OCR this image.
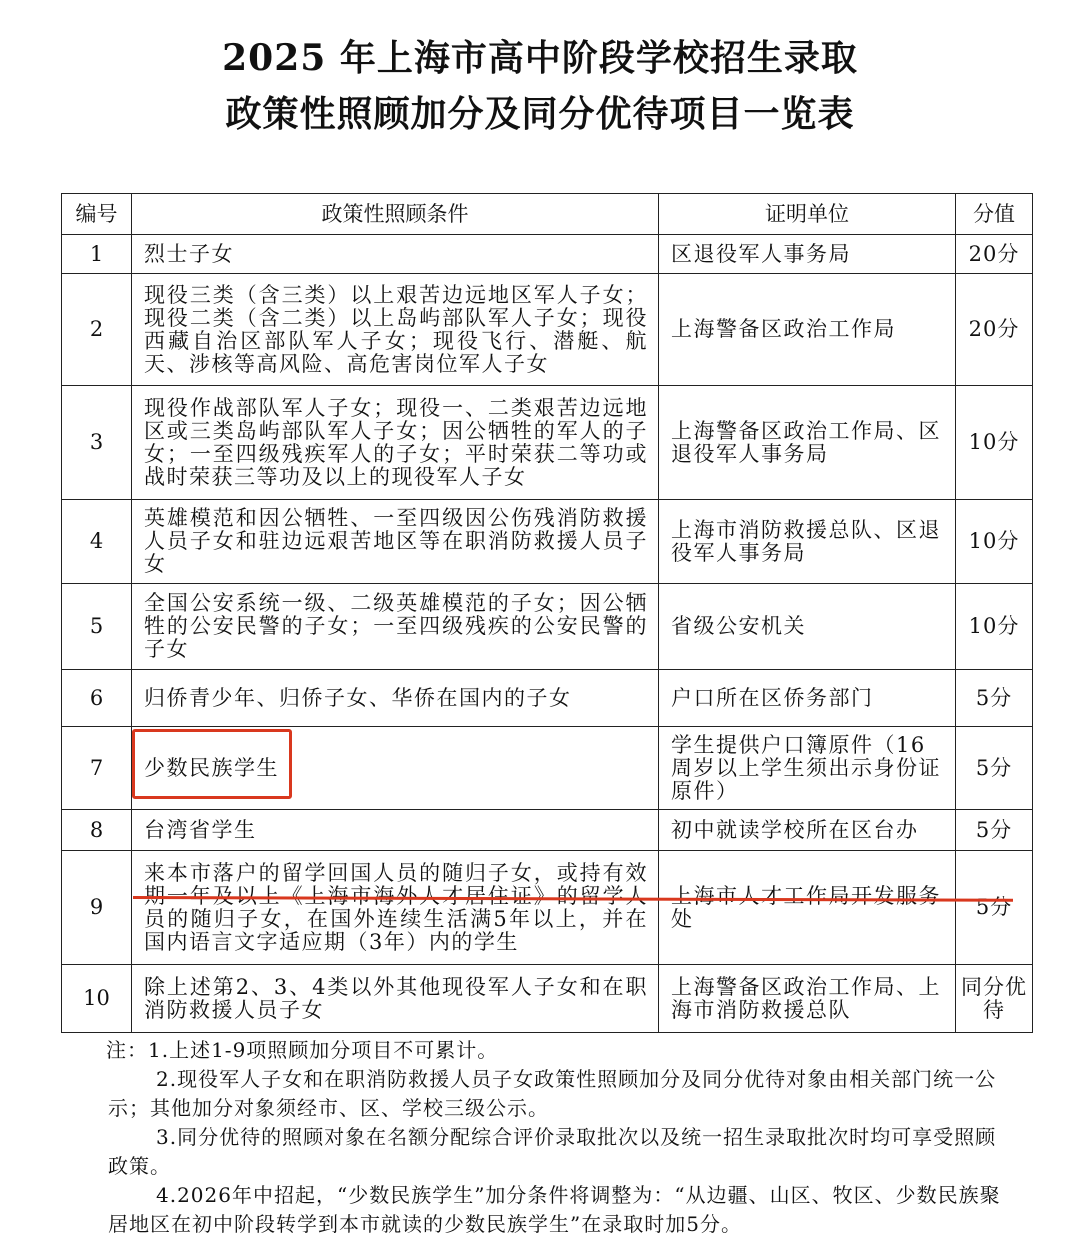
2025 年上海市高中阶段学校招生录取
政策性照顾加分及同分优待项目一览表
编号	政策性照顾条件	证明单位	分值
1	烈士子女	区退役军人事务局	20分
2	现役三类（含三类）以上艰苦边远地区军人子女；现役二类（含二类）以上岛屿部队军人子女；现役西藏自治区部队军人子女；现役飞行、潜艇、航天、涉核等高风险、高危害岗位军人子女	上海警备区政治工作局	20分
3	现役作战部队军人子女；现役一、二类艰苦边远地区或三类岛屿部队军人子女；因公牺牲的军人的子女；一至四级残疾军人的子女；平时荣获二等功或战时荣获三等功及以上的现役军人子女	上海警备区政治工作局、区退役军人事务局	10分
4	英雄模范和因公牺牲、一至四级因公伤残消防救援人员子女和驻边远艰苦地区等在职消防救援人员子女	上海市消防救援总队、区退役军人事务局	10分
5	全国公安系统一级、二级英雄模范的子女；因公牺牲的公安民警的子女；一至四级残疾的公安民警的子女	省级公安机关	10分
6	归侨青少年、归侨子女、华侨在国内的子女	户口所在区侨务部门	5分
7	少数民族学生	学生提供户口簿原件（16周岁以上学生须出示身份证原件）	5分
8	台湾省学生	初中就读学校所在区台办	5分
9	来本市落户的留学回国人员的随归子女，或持有效期一年及以上《上海市海外人才居住证》的留学人员的随归子女，在国外连续生活满5年以上，并在国内语言文字适应期（3年）内的学生	上海市人才工作局开发服务处	5分
10	除上述第2、3、4类以外其他现役军人子女和在职消防救援人员子女	上海警备区政治工作局、上海市消防救援总队	同分优待

注：1.上述1-9项照顾加分项目不可累计。

2.现役军人子女和在职消防救援人员子女政策性照顾加分及同分优待对象由相关部门统一公示；其他加分对象须经市、区、学校三级公示。

3.同分优待的照顾对象在名额分配综合评价录取批次以及统一招生录取批次时均可享受照顾政策。

4.2026年中招起，“少数民族学生”加分条件将调整为：“从边疆、山区、牧区、少数民族聚居地区在初中阶段转学到本市就读的少数民族学生”在录取时加5分。
